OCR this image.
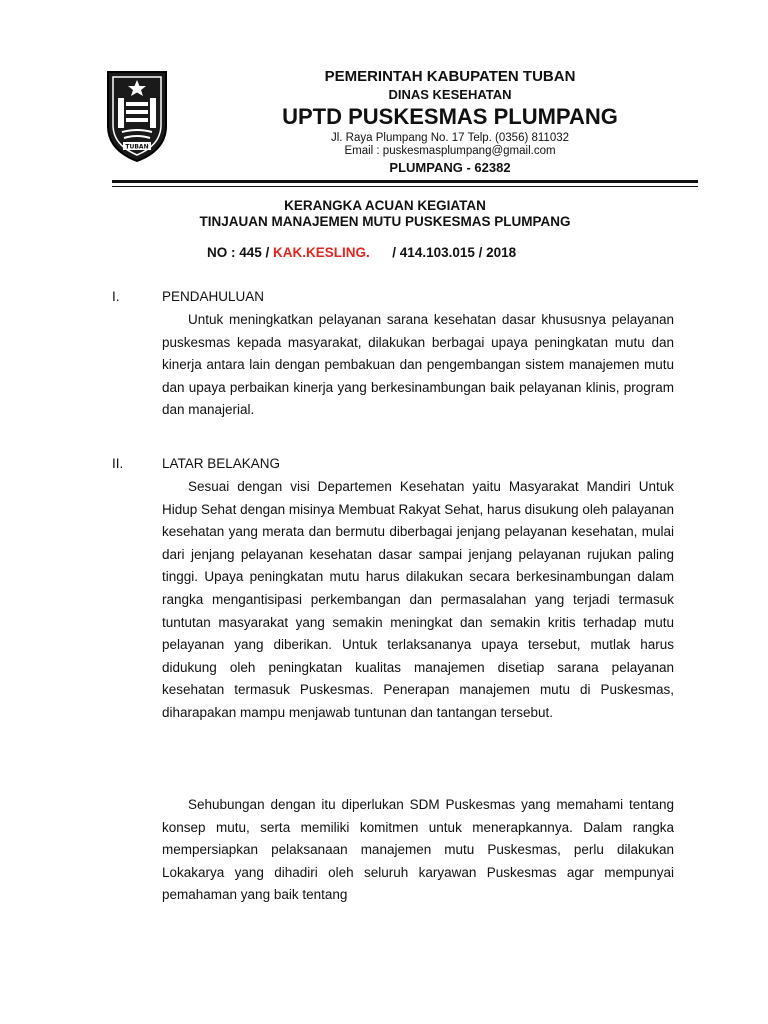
TUBAN
PEMERINTAH KABUPATEN TUBAN
DINAS KESEHATAN
UPTD PUSKESMAS PLUMPANG
Jl. Raya Plumpang No. 17 Telp. (0356) 811032
Email : puskesmasplumpang@gmail.com
PLUMPANG - 62382
KERANGKA ACUAN KEGIATAN
TINJAUAN MANAJEMEN MUTU PUSKESMAS PLUMPANG
NO : 445 / KAK.KESLING.      / 414.103.015 / 2018
I.	PENDAHULUAN

Untuk meningkatkan pelayanan sarana kesehatan dasar khususnya pelayanan puskesmas kepada masyarakat, dilakukan berbagai upaya peningkatan mutu dan kinerja antara lain dengan pembakuan dan pengembangan sistem manajemen mutu dan upaya perbaikan kinerja yang berkesinambungan baik pelayanan klinis, program dan manajerial.

II.	LATAR BELAKANG

Sesuai dengan visi Departemen Kesehatan yaitu Masyarakat Mandiri Untuk Hidup Sehat dengan misinya Membuat Rakyat Sehat, harus disukung oleh palayanan kesehatan yang merata dan bermutu diberbagai jenjang pelayanan kesehatan, mulai dari jenjang pelayanan kesehatan dasar sampai jenjang pelayanan rujukan paling tinggi. Upaya peningkatan mutu harus dilakukan secara berkesinambungan dalam rangka mengantisipasi perkembangan dan permasalahan yang terjadi termasuk tuntutan masyarakat yang semakin meningkat dan semakin kritis terhadap mutu pelayanan yang diberikan. Untuk terlaksananya upaya tersebut, mutlak harus didukung oleh peningkatan kualitas manajemen disetiap sarana pelayanan kesehatan termasuk Puskesmas. Penerapan manajemen mutu di Puskesmas, diharapakan mampu menjawab tuntunan dan tantangan tersebut.

Sehubungan dengan itu diperlukan SDM Puskesmas yang memahami tentang konsep mutu, serta memiliki komitmen untuk menerapkannya. Dalam rangka mempersiapkan pelaksanaan manajemen mutu Puskesmas, perlu dilakukan Lokakarya yang dihadiri oleh seluruh karyawan Puskesmas agar mempunyai pemahaman yang baik tentang
